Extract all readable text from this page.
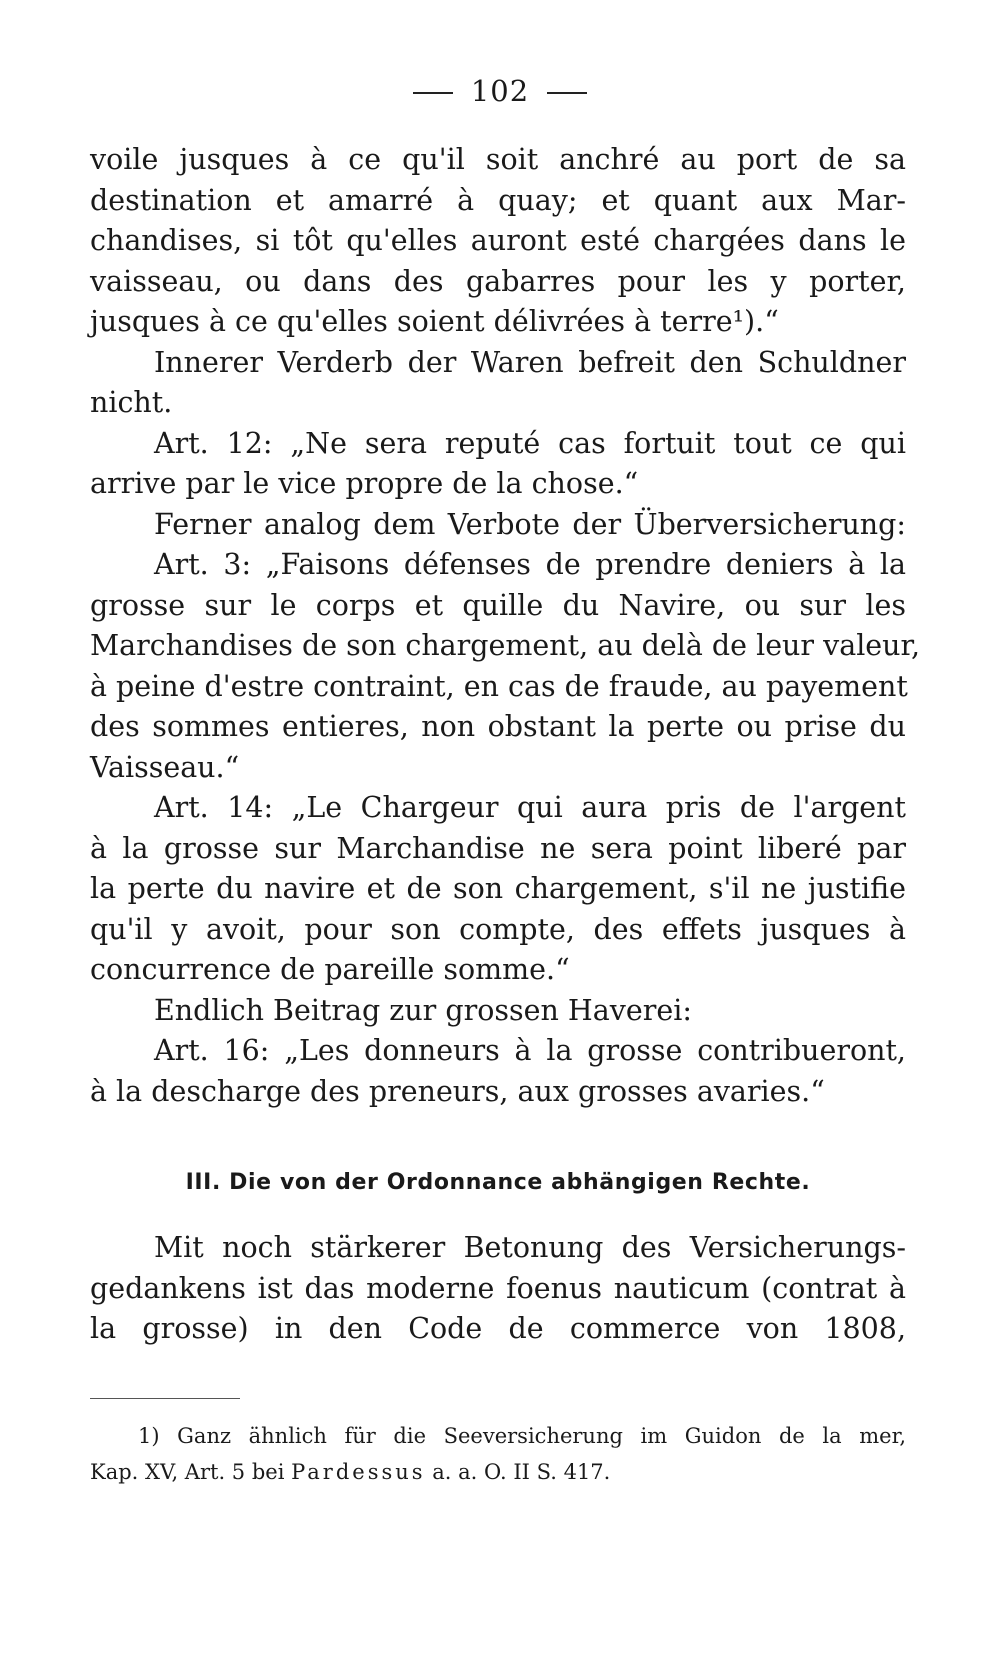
102
voile jusques à ce qu'il soit anchré au port de sa
destination et amarré à quay; et quant aux Mar-
chandises, si tôt qu'elles auront esté chargées dans le
vaisseau, ou dans des gabarres pour les y porter,
jusques à ce qu'elles soient délivrées à terre¹).“
Innerer Verderb der Waren befreit den Schuldner
nicht.
Art. 12: „Ne sera reputé cas fortuit tout ce qui
arrive par le vice propre de la chose.“
Ferner analog dem Verbote der Überversicherung:
Art. 3: „Faisons défenses de prendre deniers à la
grosse sur le corps et quille du Navire, ou sur les
Marchandises de son chargement, au delà de leur valeur,
à peine d'estre contraint, en cas de fraude, au payement
des sommes entieres, non obstant la perte ou prise du
Vaisseau.“
Art. 14: „Le Chargeur qui aura pris de l'argent
à la grosse sur Marchandise ne sera point liberé par
la perte du navire et de son chargement, s'il ne justifie
qu'il y avoit, pour son compte, des effets jusques à
concurrence de pareille somme.“
Endlich Beitrag zur grossen Haverei:
Art. 16: „Les donneurs à la grosse contribueront,
à la descharge des preneurs, aux grosses avaries.“
III. Die von der Ordonnance abhängigen Rechte.
Mit noch stärkerer Betonung des Versicherungs-
gedankens ist das moderne foenus nauticum (contrat à
la grosse) in den Code de commerce von 1808,
1) Ganz ähnlich für die Seeversicherung im Guidon de la mer,
Kap. XV, Art. 5 bei Pardessus a. a. O. II S. 417.
